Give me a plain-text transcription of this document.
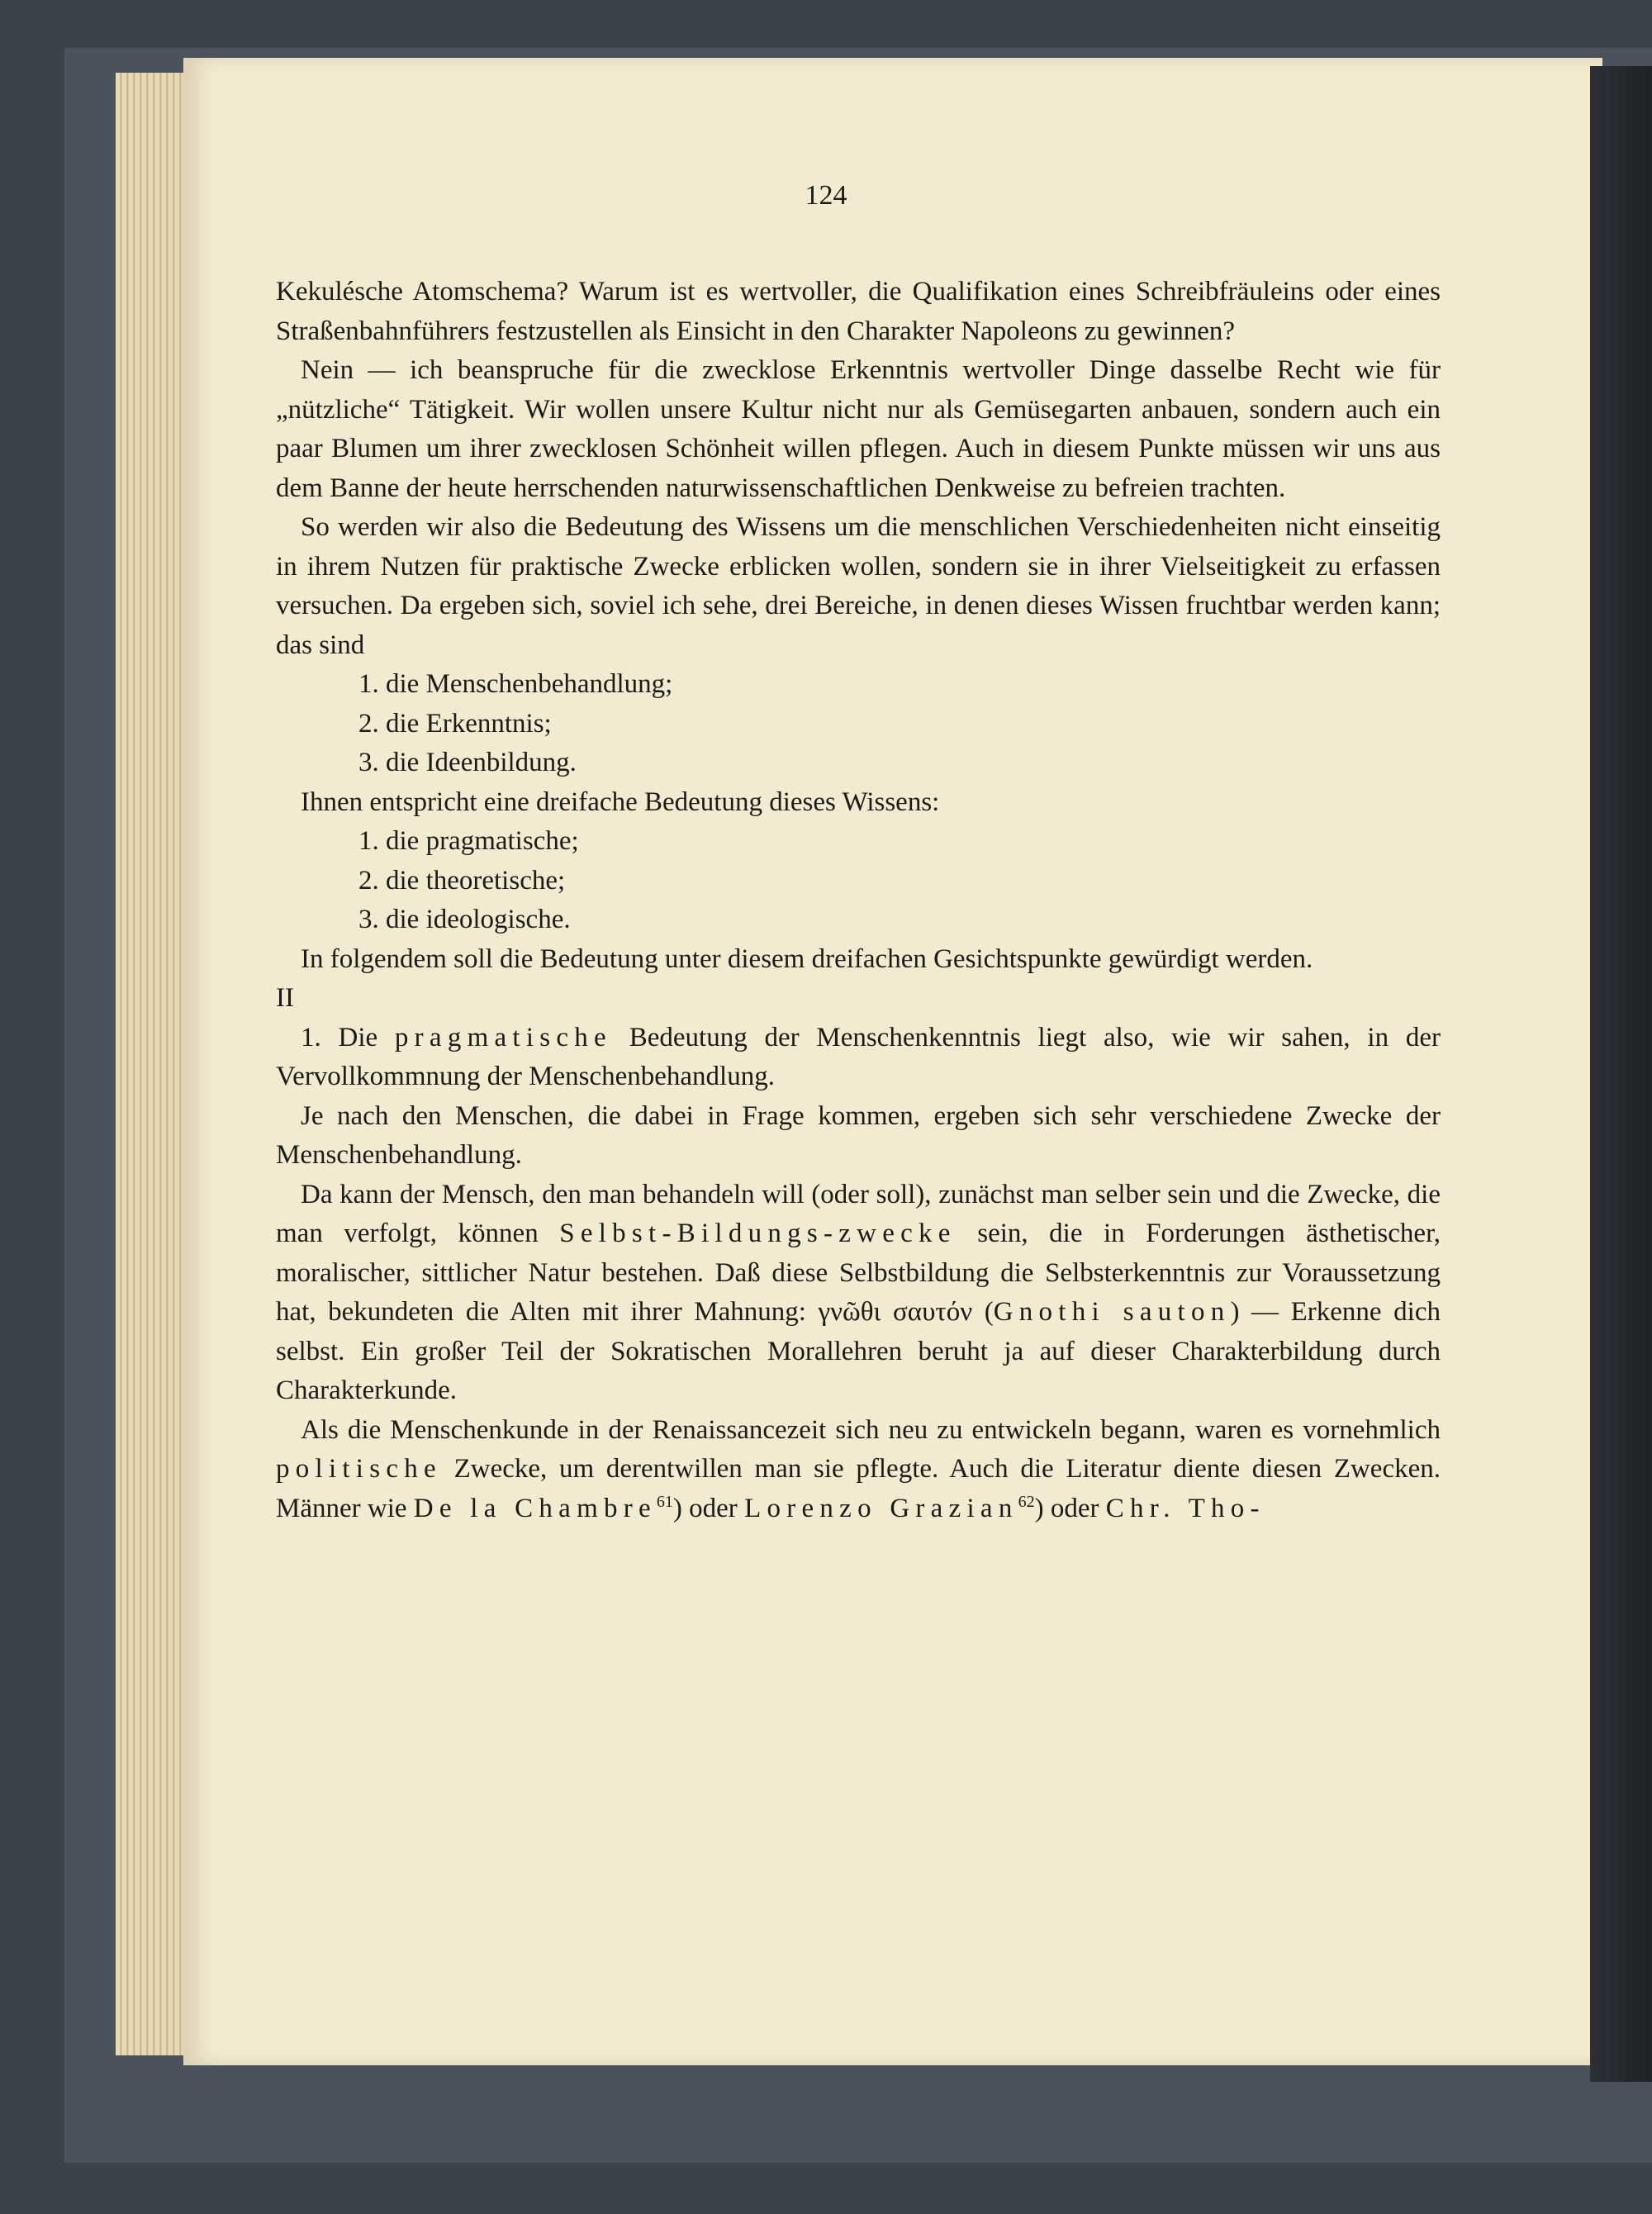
124

Kekulésche Atomschema? Warum ist es wertvoller, die Qualifikation eines Schreibfräuleins oder eines Straßenbahnführers festzustellen als Einsicht in den Charakter Napoleons zu gewinnen?

Nein — ich beanspruche für die zwecklose Erkenntnis wertvoller Dinge dasselbe Recht wie für „nützliche“ Tätigkeit. Wir wollen unsere Kultur nicht nur als Gemüsegarten anbauen, sondern auch ein paar Blumen um ihrer zwecklosen Schönheit willen pflegen. Auch in diesem Punkte müssen wir uns aus dem Banne der heute herrschenden naturwissenschaftlichen Denkweise zu befreien trachten.

So werden wir also die Bedeutung des Wissens um die menschlichen Verschiedenheiten nicht einseitig in ihrem Nutzen für praktische Zwecke erblicken wollen, sondern sie in ihrer Vielseitigkeit zu erfassen versuchen. Da ergeben sich, soviel ich sehe, drei Bereiche, in denen dieses Wissen fruchtbar werden kann; das sind

1. die Menschenbehandlung;

2. die Erkenntnis;

3. die Ideenbildung.

Ihnen entspricht eine dreifache Bedeutung dieses Wissens:

1. die pragmatische;

2. die theoretische;

3. die ideologische.

In folgendem soll die Bedeutung unter diesem dreifachen Gesichtspunkte gewürdigt werden.

II

1. Die pragmatische Bedeutung der Menschenkenntnis liegt also, wie wir sahen, in der Vervollkommnung der Menschenbehandlung.

Je nach den Menschen, die dabei in Frage kommen, ergeben sich sehr verschiedene Zwecke der Menschenbehandlung.

Da kann der Mensch, den man behandeln will (oder soll), zunächst man selber sein und die Zwecke, die man verfolgt, können Selbst-Bildungs-zwecke sein, die in Forderungen ästhetischer, moralischer, sittlicher Natur bestehen. Daß diese Selbstbildung die Selbsterkenntnis zur Voraussetzung hat, bekundeten die Alten mit ihrer Mahnung: γνῶθι σαυτόν (Gnothi sauton) — Erkenne dich selbst. Ein großer Teil der Sokratischen Morallehren beruht ja auf dieser Charakterbildung durch Charakterkunde.

Als die Menschenkunde in der Renaissancezeit sich neu zu entwickeln begann, waren es vornehmlich politische Zwecke, um derentwillen man sie pflegte. Auch die Literatur diente diesen Zwecken. Männer wie De la Chambre$^{61}$) oder Lorenzo Grazian$^{62}$) oder Chr. Tho-
